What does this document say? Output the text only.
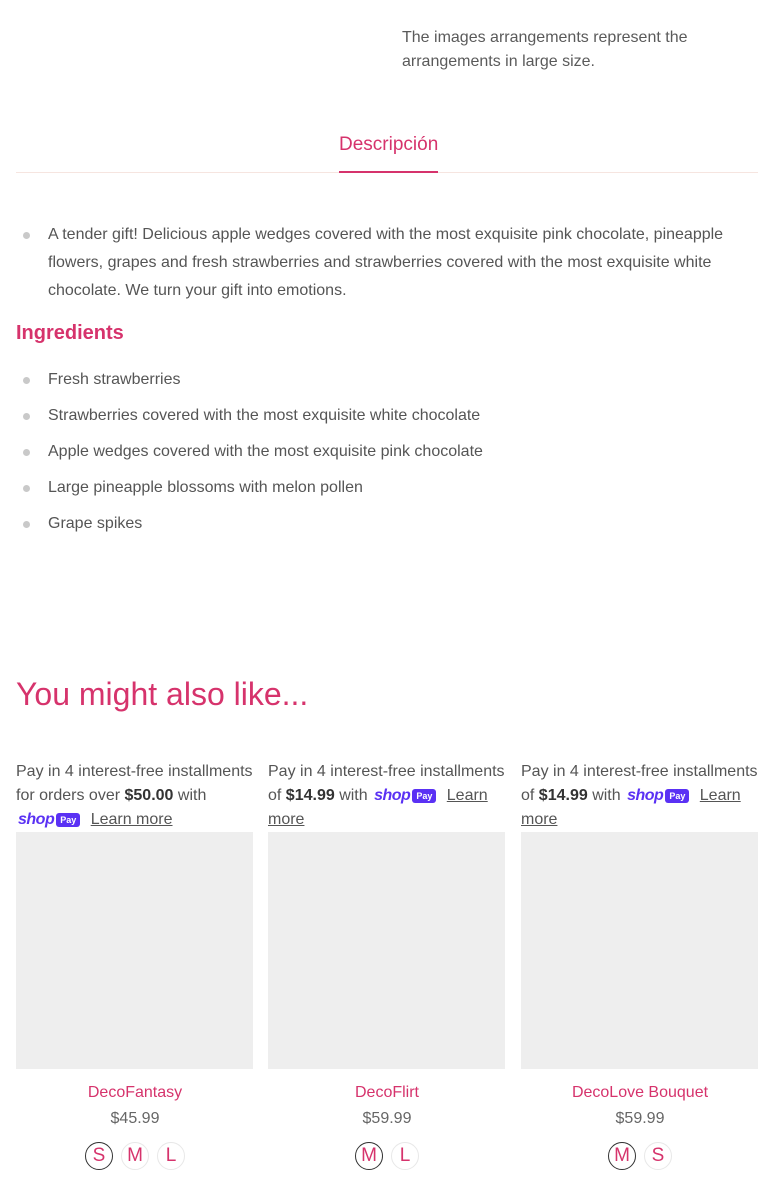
The images arrangements represent the arrangements in large size.

Descripción
A tender gift! Delicious apple wedges covered with the most exquisite pink chocolate, pineapple flowers, grapes and fresh strawberries and strawberries covered with the most exquisite white chocolate. We turn your gift into emotions.
Ingredients
Fresh strawberries
Strawberries covered with the most exquisite white chocolate
Apple wedges covered with the most exquisite pink chocolate
Large pineapple blossoms with melon pollen
Grape spikes
You might also like...
Pay in 4 interest-free installments for orders over $50.00 with
shop Pay Learn more
DecoFantasy
$45.99
S	M	L
Pay in 4 interest-free installments of $14.99 with shop Pay Learn more
DecoFlirt
$59.99
M	L
Pay in 4 interest-free installments of $14.99 with shop Pay Learn more
DecoLove Bouquet
$59.99
M	S
